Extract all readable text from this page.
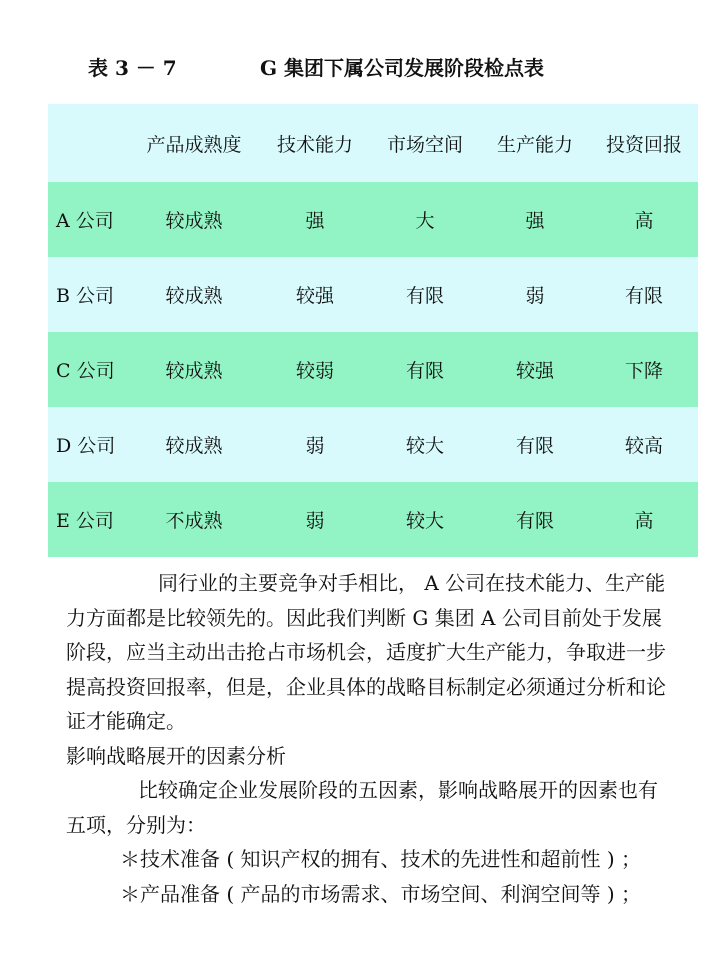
表 3 － 7	G 集团下属公司发展阶段检点表
	产品成熟度	技术能力	市场空间	生产能力	投资回报
A 公司	较成熟	强	大	强	高
B 公司	较成熟	较强	有限	弱	有限
C 公司	较成熟	较弱	有限	较强	下降
D 公司	较成熟	弱	较大	有限	较高
E 公司	不成熟	弱	较大	有限	高

同行业的主要竞争对手相比， A 公司在技术能力、生产能力方面都是比较领先的。因此我们判断 G 集团 A 公司目前处于发展阶段，应当主动出击抢占市场机会，适度扩大生产能力，争取进一步提高投资回报率，但是，企业具体的战略目标制定必须通过分析和论证才能确定。

影响战略展开的因素分析

比较确定企业发展阶段的五因素，影响战略展开的因素也有五项，分别为：

＊技术准备 ( 知识产权的拥有、技术的先进性和超前性 ) ；

＊产品准备 ( 产品的市场需求、市场空间、利润空间等 ) ；
